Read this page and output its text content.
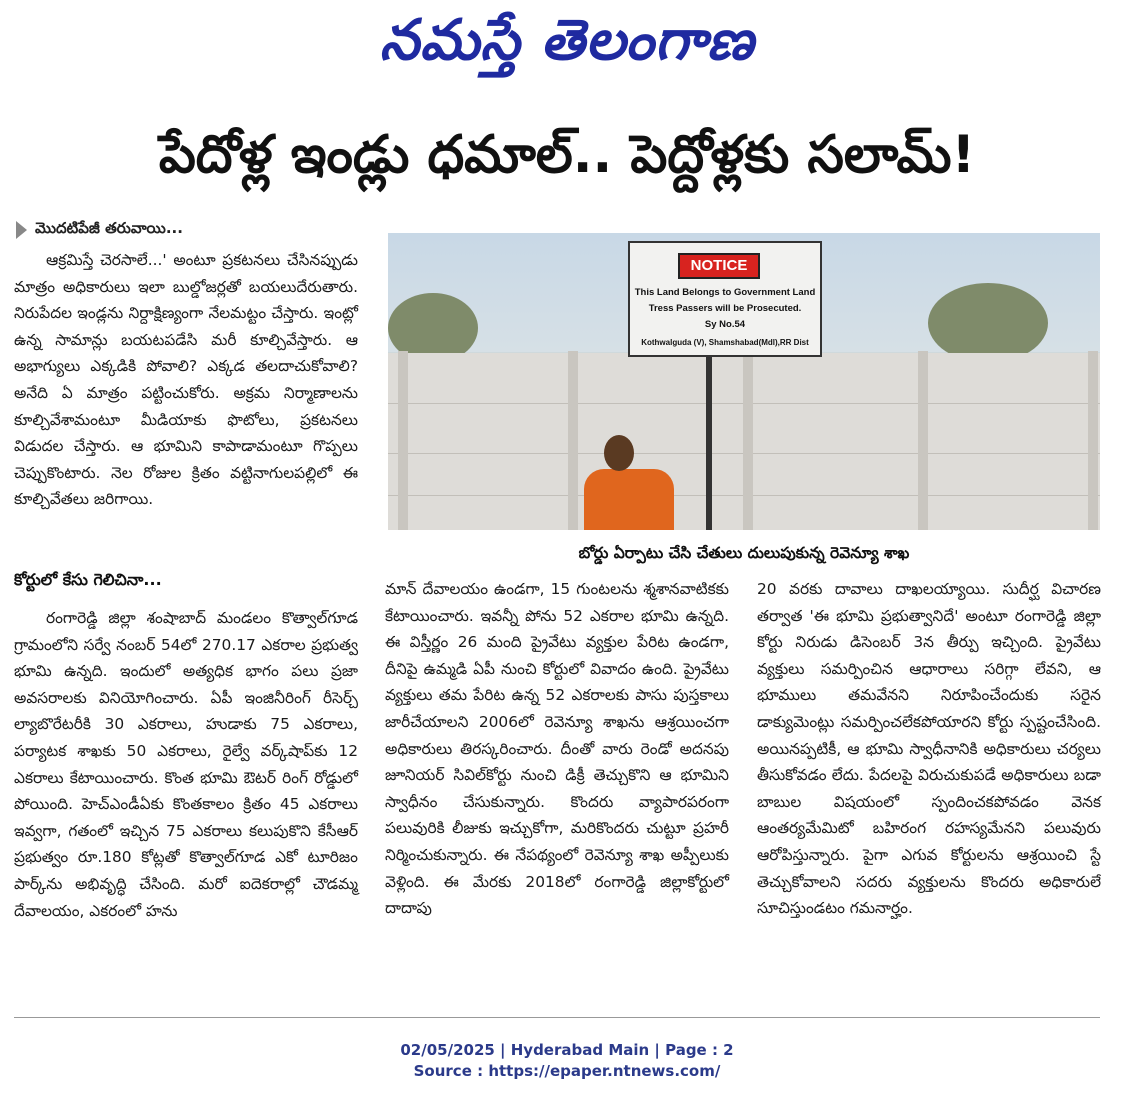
నమస్తే తెలంగాణ
పేదోళ్ల ఇండ్లు ధమాల్.. పెద్దోళ్లకు సలామ్!
మొదటిపేజీ తరువాయి...

ఆక్రమిస్తే చెరసాలే...' అంటూ ప్రకటనలు చేసినప్పుడు మాత్రం అధికారులు ఇలా బుల్డోజర్లతో బయలుదేరుతారు. నిరుపేదల ఇండ్లను నిర్దాక్షిణ్యంగా నేలమట్టం చేస్తారు. ఇంట్లో ఉన్న సామాన్లు బయటపడేసి మరీ కూల్చివేస్తారు. ఆ అభాగ్యులు ఎక్కడికి పోవాలి? ఎక్కడ తలదాచుకోవాలి? అనేది ఏ మాత్రం పట్టించుకోరు. అక్రమ నిర్మాణాలను కూల్చివేశామంటూ మీడియాకు ఫొటోలు, ప్రకటనలు విడుదల చేస్తారు. ఆ భూమిని కాపాడామంటూ గొప్పలు చెప్పుకొంటారు. నెల రోజుల క్రితం వట్టినాగులపల్లిలో ఈ కూల్చివేతలు జరిగాయి.

కోర్టులో కేసు గెలిచినా...

రంగారెడ్డి జిల్లా శంషాబాద్ మండలం కొత్వాల్‌గూడ గ్రామంలోని సర్వే నంబర్ 54లో 270.17 ఎకరాల ప్రభుత్వ భూమి ఉన్నది. ఇందులో అత్యధిక భాగం పలు ప్రజా అవసరాలకు వినియోగించారు. ఏపీ ఇంజినీరింగ్ రీసెర్చ్ ల్యాబొరేటరీకి 30 ఎకరాలు, హుడాకు 75 ఎకరాలు, పర్యాటక శాఖకు 50 ఎకరాలు, రైల్వే వర్క్‌షాప్‌కు 12 ఎకరాలు కేటాయించారు. కొంత భూమి ఔటర్ రింగ్ రోడ్డులో పోయింది. హెచ్‌ఎండీఏకు కొంతకాలం క్రితం 45 ఎకరాలు ఇవ్వగా, గతంలో ఇచ్చిన 75 ఎకరాలు కలుపుకొని కేసీఆర్ ప్రభుత్వం రూ.180 కోట్లతో కొత్వాల్‌గూడ ఎకో టూరిజం పార్క్‌ను అభివృద్ధి చేసింది. మరో ఐదెకరాల్లో చౌడమ్మ దేవాలయం, ఎకరంలో హను

NOTICE
This Land Belongs to Government Land
Tress Passers will be Prosecuted.
Sy No.54
Kothwalguda (V), Shamshabad(Mdl),RR Dist
బోర్డు ఏర్పాటు చేసి చేతులు దులుపుకున్న రెవెన్యూ శాఖ

మాన్ దేవాలయం ఉండగా, 15 గుంటలను శ్మశానవాటికకు కేటాయించారు. ఇవన్నీ పోను 52 ఎకరాల భూమి ఉన్నది. ఈ విస్తీర్ణం 26 మంది ప్రైవేటు వ్యక్తుల పేరిట ఉండగా, దీనిపై ఉమ్మడి ఏపీ నుంచి కోర్టులో వివాదం ఉంది. ప్రైవేటు వ్యక్తులు తమ పేరిట ఉన్న 52 ఎకరాలకు పాసు పుస్తకాలు జారీచేయాలని 2006లో రెవెన్యూ శాఖను ఆశ్రయించగా అధికారులు తిరస్కరించారు. దీంతో వారు రెండో అదనపు జూనియర్ సివిల్‌కోర్టు నుంచి డిక్రీ తెచ్చుకొని ఆ భూమిని స్వాధీనం చేసుకున్నారు. కొందరు వ్యాపారపరంగా పలువురికి లీజుకు ఇచ్చుకోగా, మరికొందరు చుట్టూ ప్రహరీ నిర్మించుకున్నారు. ఈ నేపథ్యంలో రెవెన్యూ శాఖ అప్పీలుకు వెళ్లింది. ఈ మేరకు 2018లో రంగారెడ్డి జిల్లాకోర్టులో దాదాపు

20 వరకు దావాలు దాఖలయ్యాయి. సుదీర్ఘ విచారణ తర్వాత 'ఈ భూమి ప్రభుత్వానిదే' అంటూ రంగారెడ్డి జిల్లా కోర్టు నిరుడు డిసెంబర్ 3న తీర్పు ఇచ్చింది. ప్రైవేటు వ్యక్తులు సమర్పించిన ఆధారాలు సరిగ్గా లేవని, ఆ భూములు తమవేనని నిరూపించేందుకు సరైన డాక్యుమెంట్లు సమర్పించలేకపోయారని కోర్టు స్పష్టంచేసింది. అయినప్పటికీ, ఆ భూమి స్వాధీనానికి అధికారులు చర్యలు తీసుకోవడం లేదు. పేదలపై విరుచుకుపడే అధికారులు బడా బాబుల విషయంలో స్పందించకపోవడం వెనక ఆంతర్యమేమిటో బహిరంగ రహస్యమేనని పలువురు ఆరోపిస్తున్నారు. పైగా ఎగువ కోర్టులను ఆశ్రయించి స్టే తెచ్చుకోవాలని సదరు వ్యక్తులను కొందరు అధికారులే సూచిస్తుండటం గమనార్హం.

02/05/2025 | Hyderabad Main | Page : 2
Source : https://epaper.ntnews.com/
